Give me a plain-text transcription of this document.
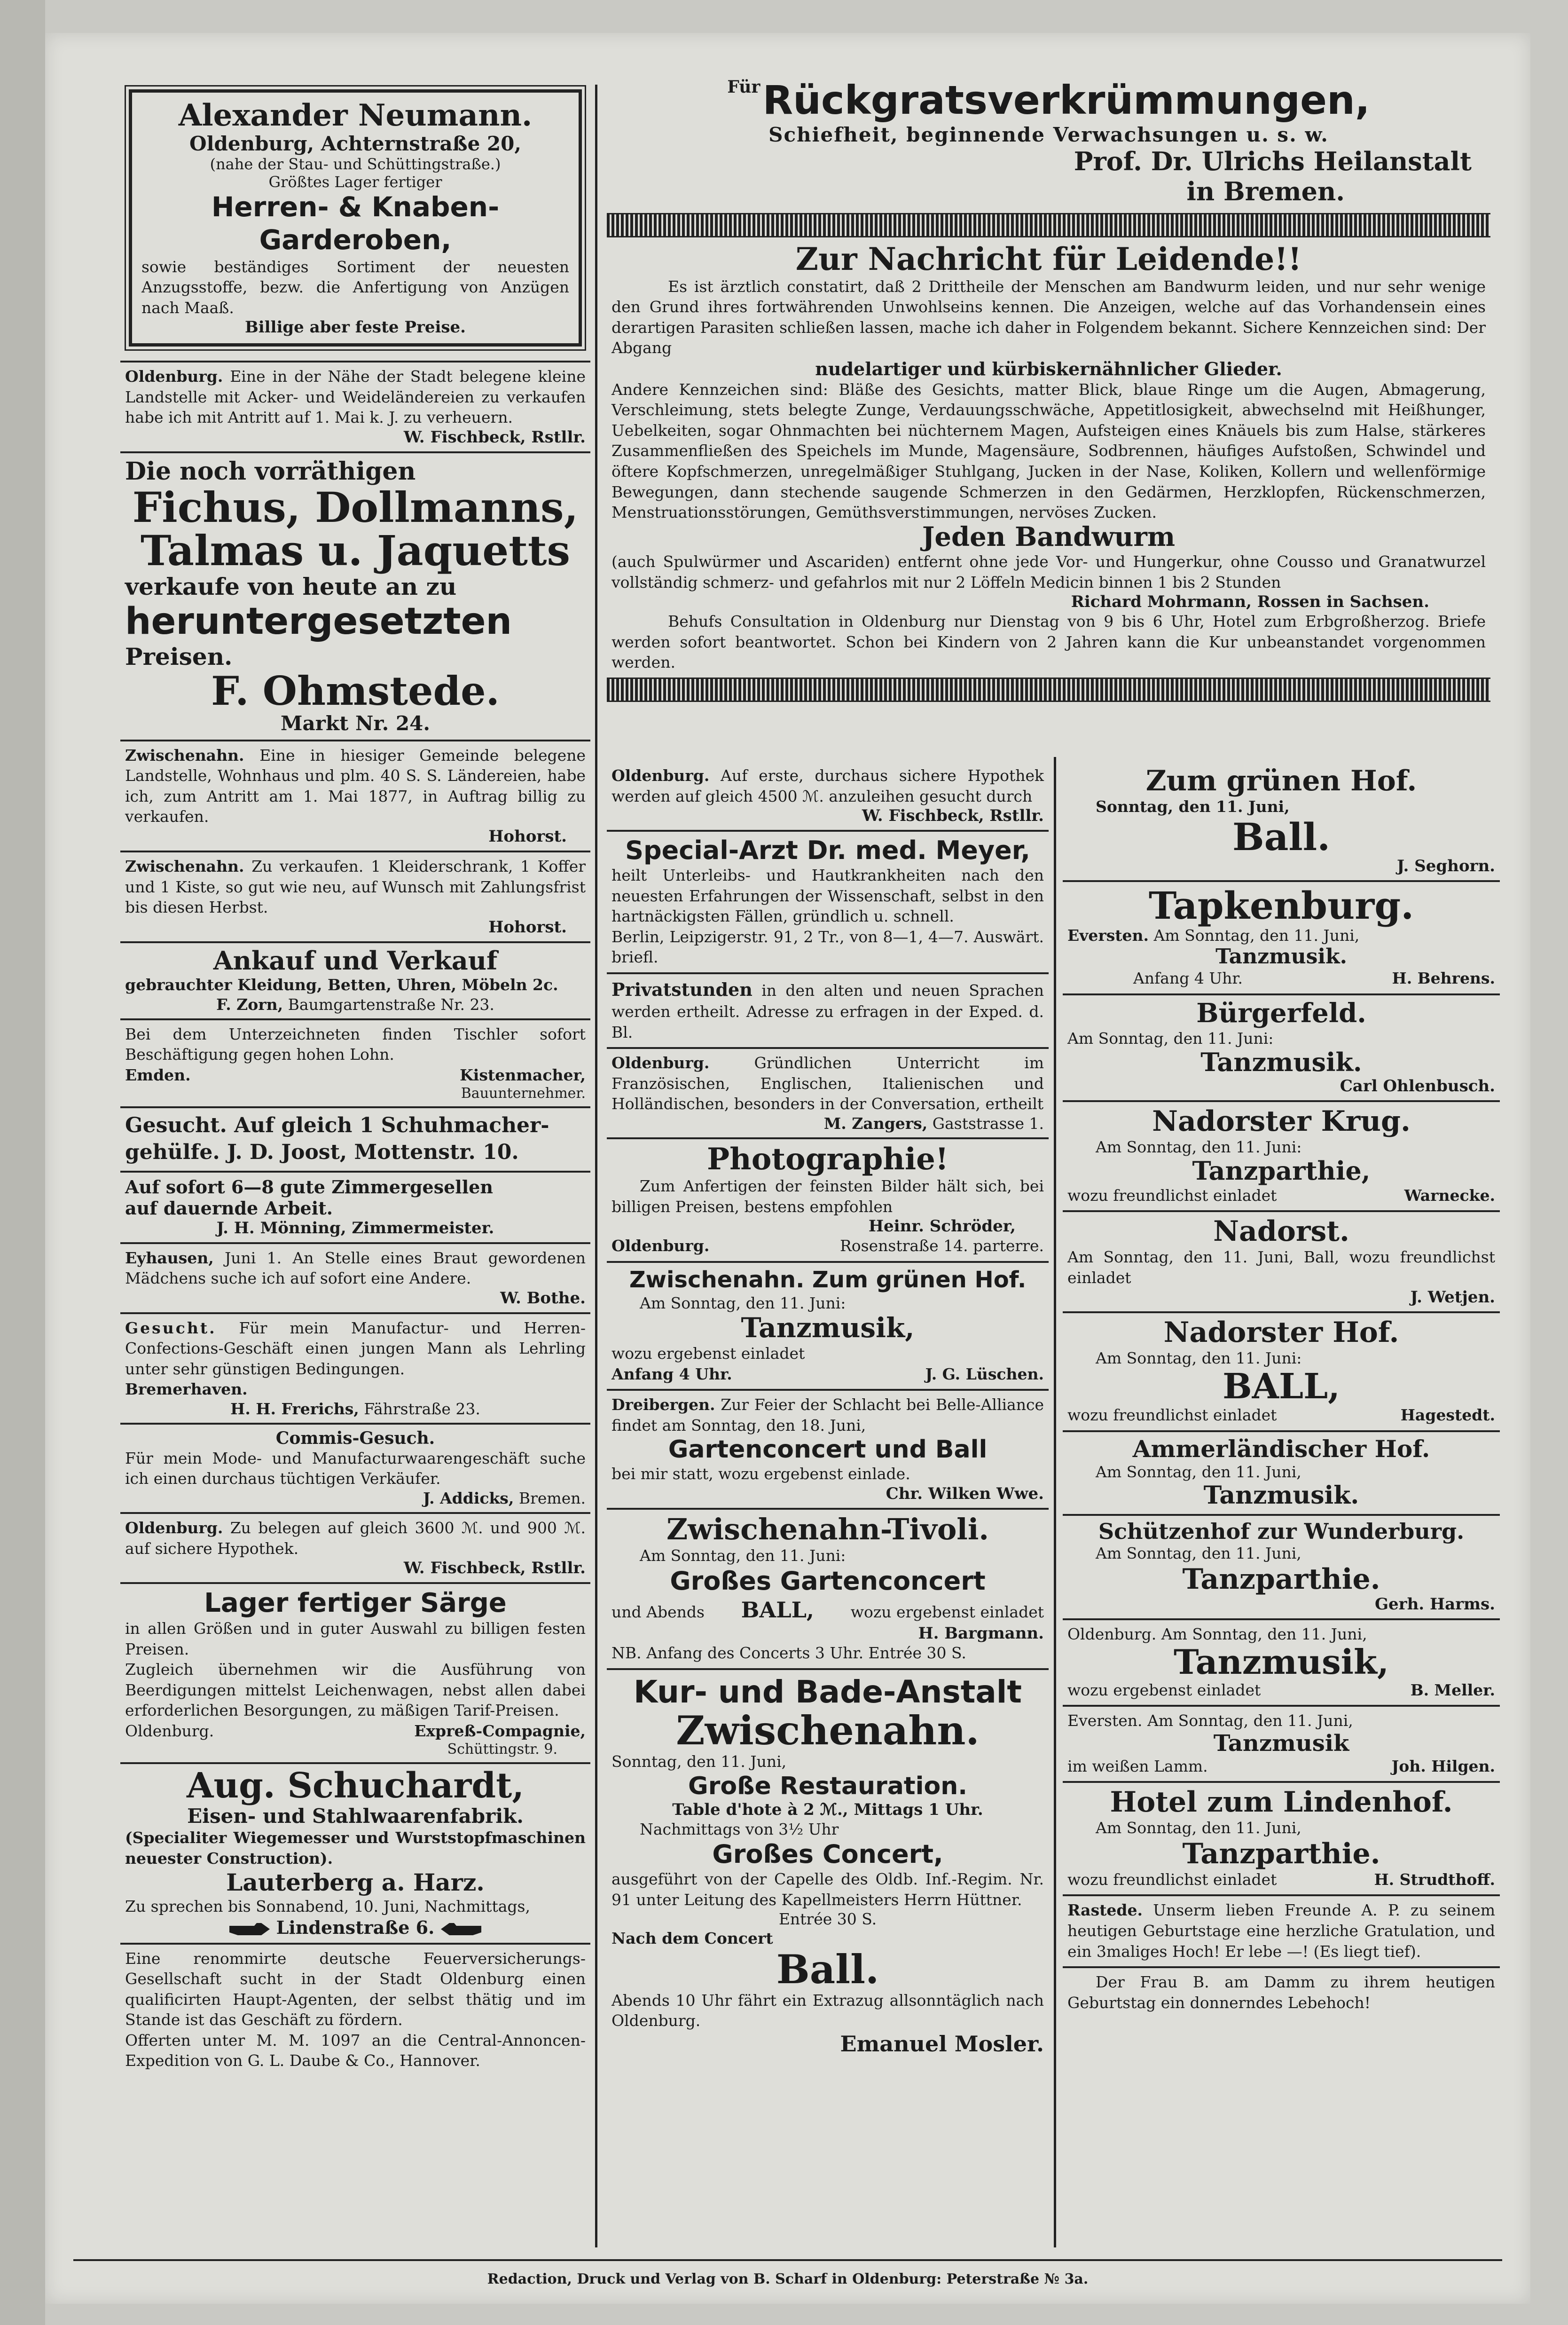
Alexander Neumann.
Oldenburg, Achternstraße 20,
(nahe der Stau- und Schüttingstraße.)
Größtes Lager fertiger
Herren- & Knaben-Garderoben,
sowie beständiges Sortiment der neuesten Anzugsstoffe, bezw. die Anfertigung von Anzügen nach Maaß.
Billige aber feste Preise.
Oldenburg. Eine in der Nähe der Stadt belegene kleine Landstelle mit Acker- und Weideländereien zu verkaufen habe ich mit Antritt auf 1. Mai k. J. zu verheuern.
W. Fischbeck, Rstllr.
Die noch vorräthigen
Fichus, Dollmanns,
Talmas u. Jaquetts
verkaufe von heute an zu
heruntergesetzten Preisen.
F. Ohmstede.
Markt Nr. 24.
Zwischenahn. Eine in hiesiger Gemeinde belegene Landstelle, Wohnhaus und plm. 40 S. S. Ländereien, habe ich, zum Antritt am 1. Mai 1877, in Auftrag billig zu verkaufen.
Hohorst.
Zwischenahn. Zu verkaufen. 1 Kleiderschrank, 1 Koffer und 1 Kiste, so gut wie neu, auf Wunsch mit Zahlungsfrist bis diesen Herbst.
Hohorst.
Ankauf und Verkauf
gebrauchter Kleidung, Betten, Uhren, Möbeln 2c.
F. Zorn, Baumgartenstraße Nr. 23.
Bei dem Unterzeichneten finden Tischler sofort Beschäftigung gegen hohen Lohn.
Emden.	Kistenmacher,
Bauunternehmer.
Gesucht. Auf gleich 1 Schuhmacher-
gehülfe. J. D. Joost, Mottenstr. 10.
Auf sofort 6—8 gute Zimmergesellen
auf dauernde Arbeit.
J. H. Mönning, Zimmermeister.
Eyhausen, Juni 1. An Stelle eines Braut gewordenen Mädchens suche ich auf sofort eine Andere.
W. Bothe.
Gesucht. Für mein Manufactur- und Herren-Confections-Geschäft einen jungen Mann als Lehrling unter sehr günstigen Bedingungen.
Bremerhaven.
H. H. Frerichs, Fährstraße 23.
Commis-Gesuch.
Für mein Mode- und Manufacturwaarengeschäft suche ich einen durchaus tüchtigen Verkäufer.
J. Addicks, Bremen.
Oldenburg. Zu belegen auf gleich 3600 ℳ. und 900 ℳ. auf sichere Hypothek.
W. Fischbeck, Rstllr.
Lager fertiger Särge
in allen Größen und in guter Auswahl zu billigen festen Preisen.
Zugleich übernehmen wir die Ausführung von Beerdigungen mittelst Leichenwagen, nebst allen dabei erforderlichen Besorgungen, zu mäßigen Tarif-Preisen.
Oldenburg.	Expreß-Compagnie,
Schüttingstr. 9.
Aug. Schuchardt,
Eisen- und Stahlwaarenfabrik.
(Specialiter Wiegemesser und Wurststopfmaschinen neuester Construction).
Lauterberg a. Harz.
Zu sprechen bis Sonnabend, 10. Juni, Nachmittags,
Lindenstraße 6.
Eine renommirte deutsche Feuerversicherungs-Gesellschaft sucht in der Stadt Oldenburg einen qualificirten Haupt-Agenten, der selbst thätig und im Stande ist das Geschäft zu fördern.
Offerten unter M. M. 1097 an die Central-Annoncen-Expedition von G. L. Daube & Co., Hannover.
Für Rückgratsverkrümmungen,
Schiefheit, beginnende Verwachsungen u. s. w.
Prof. Dr. Ulrichs Heilanstalt
in Bremen.
Zur Nachricht für Leidende!!
Es ist ärztlich constatirt, daß 2 Drittheile der Menschen am Bandwurm leiden, und nur sehr wenige den Grund ihres fortwährenden Unwohlseins kennen. Die Anzeigen, welche auf das Vorhandensein eines derartigen Parasiten schließen lassen, mache ich daher in Folgendem bekannt. Sichere Kennzeichen sind: Der Abgang
nudelartiger und kürbiskernähnlicher Glieder.
Andere Kennzeichen sind: Bläße des Gesichts, matter Blick, blaue Ringe um die Augen, Abmagerung, Verschleimung, stets belegte Zunge, Verdauungsschwäche, Appetitlosigkeit, abwechselnd mit Heißhunger, Uebelkeiten, sogar Ohnmachten bei nüchternem Magen, Aufsteigen eines Knäuels bis zum Halse, stärkeres Zusammenfließen des Speichels im Munde, Magensäure, Sodbrennen, häufiges Aufstoßen, Schwindel und öftere Kopfschmerzen, unregelmäßiger Stuhlgang, Jucken in der Nase, Koliken, Kollern und wellenförmige Bewegungen, dann stechende saugende Schmerzen in den Gedärmen, Herzklopfen, Rückenschmerzen, Menstruationsstörungen, Gemüthsverstimmungen, nervöses Zucken.
Jeden Bandwurm
(auch Spulwürmer und Ascariden) entfernt ohne jede Vor- und Hungerkur, ohne Cousso und Granatwurzel vollständig schmerz- und gefahrlos mit nur 2 Löffeln Medicin binnen 1 bis 2 Stunden
Richard Mohrmann, Rossen in Sachsen.
Behufs Consultation in Oldenburg nur Dienstag von 9 bis 6 Uhr, Hotel zum Erbgroßherzog. Briefe werden sofort beantwortet. Schon bei Kindern von 2 Jahren kann die Kur unbeanstandet vorgenommen werden.
Oldenburg. Auf erste, durchaus sichere Hypothek werden auf gleich 4500 ℳ. anzuleihen gesucht durch
W. Fischbeck, Rstllr.
Special-Arzt Dr. med. Meyer,
heilt Unterleibs- und Hautkrankheiten nach den neuesten Erfahrungen der Wissenschaft, selbst in den hartnäckigsten Fällen, gründlich u. schnell.
Berlin, Leipzigerstr. 91, 2 Tr., von 8—1, 4—7. Auswärt. briefl.
Privatstunden in den alten und neuen Sprachen werden ertheilt. Adresse zu erfragen in der Exped. d. Bl.
Oldenburg.	Gründlichen Unterricht im Französischen, Englischen, Italienischen und Holländischen, besonders in der Conversation, ertheilt
M. Zangers, Gaststrasse 1.
Photographie!
Zum Anfertigen der feinsten Bilder hält sich, bei billigen Preisen, bestens empfohlen
Heinr. Schröder,
Oldenburg.	Rosenstraße 14. parterre.
Zwischenahn. Zum grünen Hof.
Am Sonntag, den 11. Juni:
Tanzmusik,
wozu ergebenst einladet
Anfang 4 Uhr.	J. G. Lüschen.
Dreibergen. Zur Feier der Schlacht bei Belle-Alliance findet am Sonntag, den 18. Juni,
Gartenconcert und Ball
bei mir statt, wozu ergebenst einlade.
Chr. Wilken Wwe.
Zwischenahn-Tivoli.
Am Sonntag, den 11. Juni:
Großes Gartenconcert
und Abends BALL, wozu ergebenst einladet
H. Bargmann.
NB. Anfang des Concerts 3 Uhr. Entrée 30 S.
Kur- und Bade-Anstalt
Zwischenahn.
Sonntag, den 11. Juni,
Große Restauration.
Table d'hote à 2 ℳ., Mittags 1 Uhr.
Nachmittags von 3½ Uhr
Großes Concert,
ausgeführt von der Capelle des Oldb. Inf.-Regim. Nr. 91 unter Leitung des Kapellmeisters Herrn Hüttner.
Entrée 30 S.
Nach dem Concert
Ball.
Abends 10 Uhr fährt ein Extrazug allsonntäglich nach Oldenburg.
Emanuel Mosler.
Zum grünen Hof.
Sonntag, den 11. Juni,
Ball.
J. Seghorn.
Tapkenburg.
Eversten. Am Sonntag, den 11. Juni,
Tanzmusik.
Anfang 4 Uhr.	H. Behrens.
Bürgerfeld.
Am Sonntag, den 11. Juni:
Tanzmusik.
Carl Ohlenbusch.
Nadorster Krug.
Am Sonntag, den 11. Juni:
Tanzparthie,
wozu freundlichst einladet	Warnecke.
Nadorst.
Am Sonntag, den 11. Juni, Ball, wozu freundlichst einladet
J. Wetjen.
Nadorster Hof.
Am Sonntag, den 11. Juni:
BALL,
wozu freundlichst einladet	Hagestedt.
Ammerländischer Hof.
Am Sonntag, den 11. Juni,
Tanzmusik.
Schützenhof zur Wunderburg.
Am Sonntag, den 11. Juni,
Tanzparthie.
Gerh. Harms.
Oldenburg. Am Sonntag, den 11. Juni,
Tanzmusik,
wozu ergebenst einladet	B. Meller.
Eversten. Am Sonntag, den 11. Juni,
Tanzmusik
im weißen Lamm.	Joh. Hilgen.
Hotel zum Lindenhof.
Am Sonntag, den 11. Juni,
Tanzparthie.
wozu freundlichst einladet	H. Strudthoff.
Rastede. Unserm lieben Freunde A. P. zu seinem heutigen Geburtstage eine herzliche Gratulation, und ein 3maliges Hoch! Er lebe —! (Es liegt tief).
Der Frau B. am Damm zu ihrem heutigen Geburtstag ein donnerndes Lebehoch!
Redaction, Druck und Verlag von B. Scharf in Oldenburg: Peterstraße № 3a.
